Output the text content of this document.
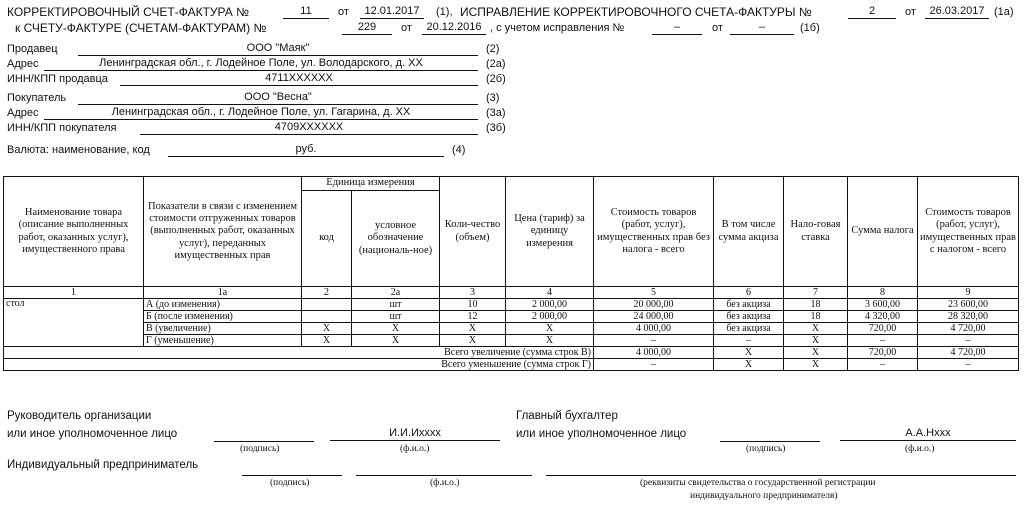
КОРРЕКТИРОВОЧНЫЙ СЧЕТ-ФАКТУРА №	11	от	12.01.2017	(1), ИСПРАВЛЕНИЕ КОРРЕКТИРОВОЧНОГО СЧЕТА-ФАКТУРЫ №	2	от	26.03.2017 (1а)
к СЧЕТУ-ФАКТУРЕ (СЧЕТАМ-ФАКТУРАМ) №	229	от	20.12.2016 , с учетом исправления №	–	от	–	(1б)
Продавец	ООО "Маяк"	(2)
Адрес	Ленинградская обл., г. Лодейное Поле, ул. Володарского, д. ХХ	(2а)
ИНН/КПП продавца	4711ХХХХХХ	(2б)
Покупатель	ООО "Весна"	(3)
Адрес	Ленинградская обл., г. Лодейное Поле, ул. Гагарина, д. ХХ	(3а)
ИНН/КПП покупателя	4709ХХХХХХ	(3б)
Валюта: наименование, код	руб.	(4)
Наименование товара (описание выполненных работ, оказанных услуг), имущественного права	Показатели в связи с изменением стоимости отгруженных товаров (выполненных работ, оказанных услуг), переданных имущественных прав	Единица измерения		Коли-чество (объем)	Цена (тариф) за единицу измерения	Стоимость товаров (работ, услуг), имущественных прав без налога - всего	В том числе сумма акциза	Нало-говая ставка	Сумма налога	Стоимость товаров (работ, услуг), имущественных прав с налогом - всего
		код	условное обозначение (националь-ное)							
1	1а	2	2а	3	4	5	6	7	8	9
стол	А (до изменения)		шт	10	2 000,00	20 000,00	без акциза	18	3 600,00	23 600,00
	Б (после изменения)		шт	12	2 000,00	24 000,00	без акциза	18	4 320,00	28 320,00
	В (увеличение)	Х	Х	Х	Х	4 000,00	без акциза	Х	720,00	4 720,00
	Г (уменьшение)	Х	Х	Х	Х	–	–	Х	–	–
Всего увеличение (сумма строк В)						4 000,00	Х	Х	720,00	4 720,00
Всего уменьшение (сумма строк Г)						–	Х	Х	–	–
Руководитель организации
или иное уполномоченное лицо	И.И.Ихххх
(подпись)	(ф.и.о.)
Главный бухгалтер
или иное уполномоченное лицо	А.А.Нххх
(подпись)	(ф.и.о.)
Индивидуальный предприниматель
(подпись)	(ф.и.о.)	(реквизиты свидетельства о государственной регистрации
индивидуального предпринимателя)
